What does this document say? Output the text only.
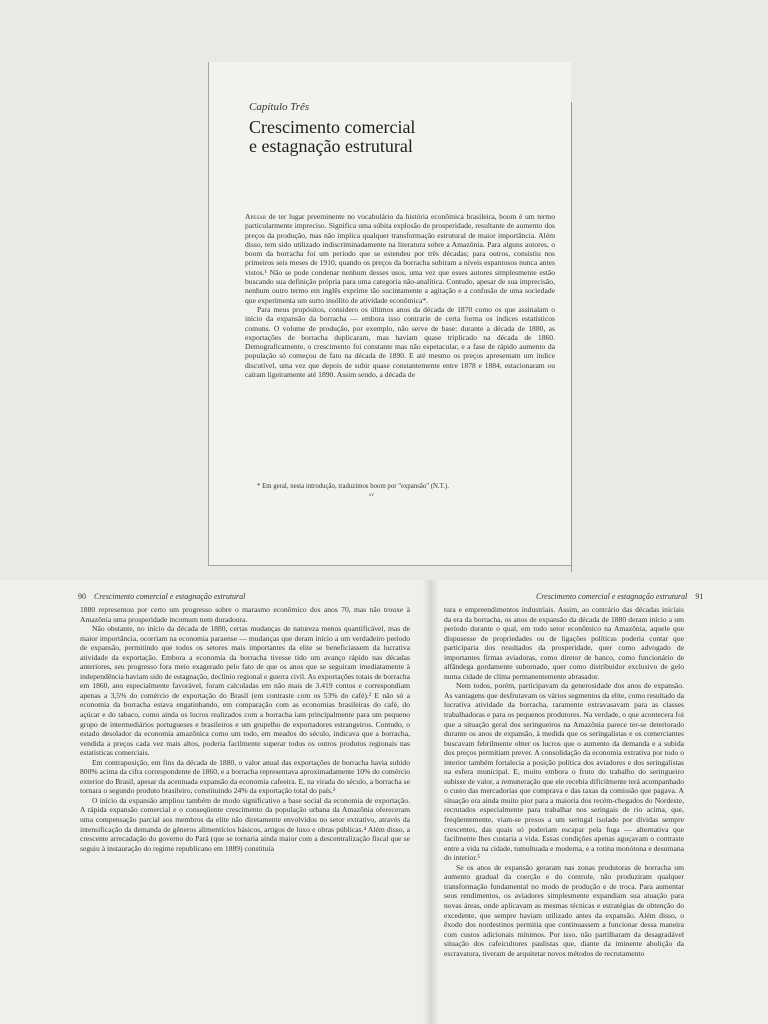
Capítulo Três
Crescimento comercial
e estagnação estrutural

Apesar de ter lugar preeminente no vocabulário da história econômica brasileira, boom é um termo particularmente impreciso. Significa uma súbita explosão de prosperidade, resultante de aumento dos preços da produção, mas não implica qualquer transformação estrutural de maior importância. Além disso, tem sido utilizado indiscriminadamente na literatura sobre a Amazônia. Para alguns autores, o boom da borracha foi um período que se estendeu por três décadas; para outros, consistiu nos primeiros seis meses de 1910, quando os preços da borracha subiram a níveis espantosos nunca antes vistos.¹ Não se pode condenar nenhum desses usos, uma vez que esses autores simplesmente estão buscando sua definição própria para uma categoria não-analítica. Contudo, apesar de sua imprecisão, nenhum outro termo em inglês exprime tão sucintamente a agitação e a confusão de uma sociedade que experimenta um surto insólito de atividade econômica*.

Para meus propósitos, considero os últimos anos da década de 1870 como os que assinalam o início da expansão da borracha — embora isso contrarie de certa forma os índices estatísticos comuns. O volume de produção, por exemplo, não serve de base: durante a década de 1880, as exportações de borracha duplicaram, mas haviam quase triplicado na década de 1860. Demograficamente, o crescimento foi constante mas não espetacular, e a fase de rápido aumento da população só começou de fato na década de 1890. E até mesmo os preços apresentam um índice discutível, uma vez que depois de subir quase constantemente entre 1878 e 1884, estacionaram ou caíram ligeiramente até 1890. Assim sendo, a década de

* Em geral, nesta introdução, traduzimos boom por "expansão" (N.T.).
xv
90 Crescimento comercial e estagnação estrutural

1880 representou por certo um progresso sobre o marasmo econômico dos anos 70, mas não trouxe à Amazônia uma prosperidade incomum nem duradoura.

Não obstante, no início da década de 1880, certas mudanças de natureza menos quantificável, mas de maior importância, ocorriam na economia paraense — mudanças que deram início a um verdadeiro período de expansão, permitindo que todos os setores mais importantes da elite se beneficiassem da lucrativa atividade da exportação. Embora a economia da borracha tivesse tido um avanço rápido nas décadas anteriores, seu progresso fora meio exagerado pelo fato de que os anos que se seguiram imediatamente à independência haviam sido de estagnação, declínio regional e guerra civil. As exportações totais de borracha em 1860, ano especialmente favorável, foram calculadas em não mais de 3.419 contos e correspondiam apenas a 3,5% do comércio de exportação do Brasil (em contraste com os 53% do café).² E não só a economia da borracha estava engatinhando, em comparação com as economias brasileiras do café, do açúcar e do tabaco, como ainda os lucros realizados com a borracha iam principalmente para um pequeno grupo de intermediários portugueses e brasileiros e um grupelho de exportadores estrangeiros. Contudo, o estado desolador da economia amazônica como um todo, em meados do século, indicava que a borracha, vendida a preços cada vez mais altos, poderia facilmente superar todos os outros produtos regionais nas estatísticas comerciais.

Em contraposição, em fins da década de 1880, o valor anual das exportações de borracha havia subido 800% acima da cifra correspondente de 1860, e a borracha representava aproximadamente 10% do comércio exterior do Brasil, apesar da acentuada expansão da economia cafeeira. E, na virada do século, a borracha se tornara o segundo produto brasileiro, constituindo 24% da exportação total do país.³

O início da expansão ampliou também de modo significativo a base social da economia de exportação. A rápida expansão comercial e o conseqüente crescimento da população urbana da Amazônia ofereceram uma compensação parcial aos membros da elite não diretamente envolvidos no setor extrativo, através da intensificação da demanda de gêneros alimentícios básicos, artigos de luxo e obras públicas.⁴ Além disso, a crescente arrecadação do governo do Pará (que se tornaria ainda maior com a descentralização fiscal que se seguiu à instauração do regime republicano em 1889) constituía

Crescimento comercial e estagnação estrutural 91

tura e empreendimentos industriais. Assim, ao contrário das décadas iniciais da era da borracha, os anos de expansão da década de 1880 deram início a um período durante o qual, em todo setor econômico na Amazônia, aquele que dispusesse de propriedades ou de ligações políticas poderia contar que participaria dos resultados da prosperidade, quer como advogado de importantes firmas aviadoras, como diretor de banco, como funcionário de alfândega gordamente subornado, quer como distribuidor exclusivo de gelo numa cidade de clima permanentemente abrasador.

Nem todos, porém, participavam da generosidade dos anos de expansão. As vantagens que desfrutavam os vários segmentos da elite, como resultado da lucrativa atividade da borracha, raramente extravasavam para as classes trabalhadoras e para os pequenos produtores. Na verdade, o que acontecera foi que a situação geral dos seringueiros na Amazônia parece ter-se deteriorado durante os anos de expansão, à medida que os seringalistas e os comerciantes buscavam febrilmente obter os lucros que o aumento da demanda e a subida dos preços permitiam prever. A consolidação da economia extrativa por todo o interior também fortalecia a posição política dos aviadores e dos seringalistas na esfera municipal. E, muito embora o fruto do trabalho do seringueiro subisse de valor, a remuneração que ele recebia dificilmente terá acompanhado o custo das mercadorias que comprava e das taxas da comissão que pagava. A situação era ainda muito pior para a maioria dos recém-chegados do Nordeste, recrutados especialmente para trabalhar nos seringais de rio acima, que, freqüentemente, viam-se presos a um seringal isolado por dívidas sempre crescentes, das quais só poderiam escapar pela fuga — alternativa que facilmente lhes custaria a vida. Essas condições apenas aguçavam o contraste entre a vida na cidade, tumultuada e moderna, e a rotina monótona e desumana do interior.⁵

Se os anos de expansão geraram nas zonas produtoras de borracha um aumento gradual da coerção e do controle, não produziram qualquer transformação fundamental no modo de produção e de troca. Para aumentar seus rendimentos, os aviadores simplesmente expandiam sua atuação para novas áreas, onde aplicavam as mesmas técnicas e estratégias de obtenção do excedente, que sempre haviam utilizado antes da expansão. Além disso, o êxodo dos nordestinos permitia que continuassem a funcionar dessa maneira com custos adicionais mínimos. Por isso, não partilharam da desagradável situação dos cafeicultores paulistas que, diante da iminente abolição da escravatura, tiveram de arquitetar novos métodos de recrutamento
